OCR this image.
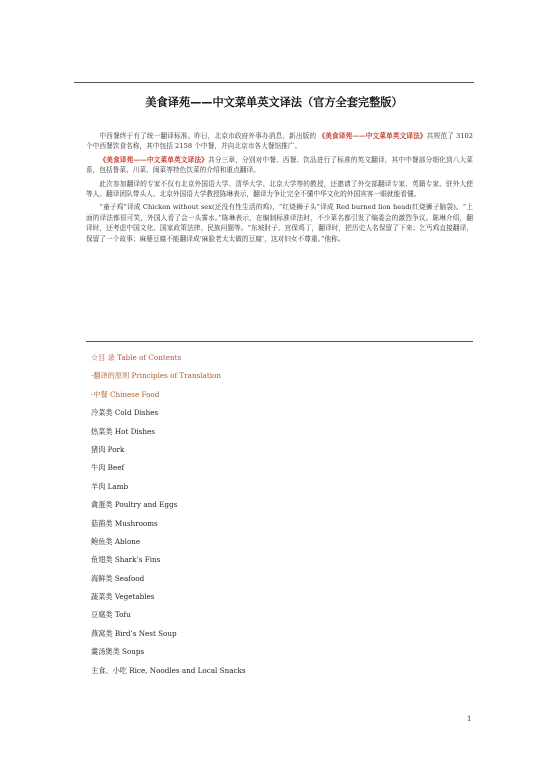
美食译苑——中文菜单英文译法（官方全套完整版）

中西餐终于有了统一翻译标准。昨日，北京市政府外事办消息，新出版的 《美食译苑——中文菜单英文译法》共规范了 3102 个中西餐饮食名称，其中包括 2158 个中餐，并向北京市各大餐馆推广。

《美食译苑——中文菜单英文译法》共分三章，分别对中餐、西餐、饮品进行了标准的英文翻译，其中中餐部分细化到八大菜系，包括鲁菜、川菜、闽菜等特色饮菜的介绍和重点翻译。

此次参加翻译的专家不仅有北京外国语大学、清华大学、北京大学等的教授，还邀请了外交部翻译专家、英籍专家、驻外大使等人。翻译团队带头人、北京外国语大学教授陈琳表示，翻译力争让完全不懂中华文化的外国宾客一眼就能看懂。

“童子鸡”译成 Chicken without sex(还没有性生活的鸡)，“红烧狮子头”译成 Red burned lion head(红烧狮子脑袋)。“上面的译法都很可笑，外国人看了会一头雾水。”陈琳表示，在编制标准译法时，不少菜名都引发了编委会的激烈争议。陈琳介绍，翻译时，还考虑中国文化、国家政策法律、民族问题等。“东坡肘子、宫保鸡丁，翻译时，把历史人名保留了下来；乞丐鸡直接翻译，保留了一个故事；麻婆豆腐不能翻译成‘麻脸老太太做的豆腐’，这对妇女不尊重。”他称。

☆目 录 Table of Contents
·翻译的原则 Principles of Translation
·中餐 Chinese Food
冷菜类 Cold Dishes
热菜类 Hot Dishes
猪肉 Pork
牛肉 Beef
羊肉 Lamb
禽蛋类 Poultry and Eggs
菇菌类 Mushrooms
鲍鱼类 Ablone
鱼翅类 Shark’s Fins
海鲜类 Seafood
蔬菜类 Vegetables
豆腐类 Tofu
燕窝类 Bird’s Nest Soup
羹汤煲类 Soups
主食、小吃 Rice, Noodles and Local Snacks
1
